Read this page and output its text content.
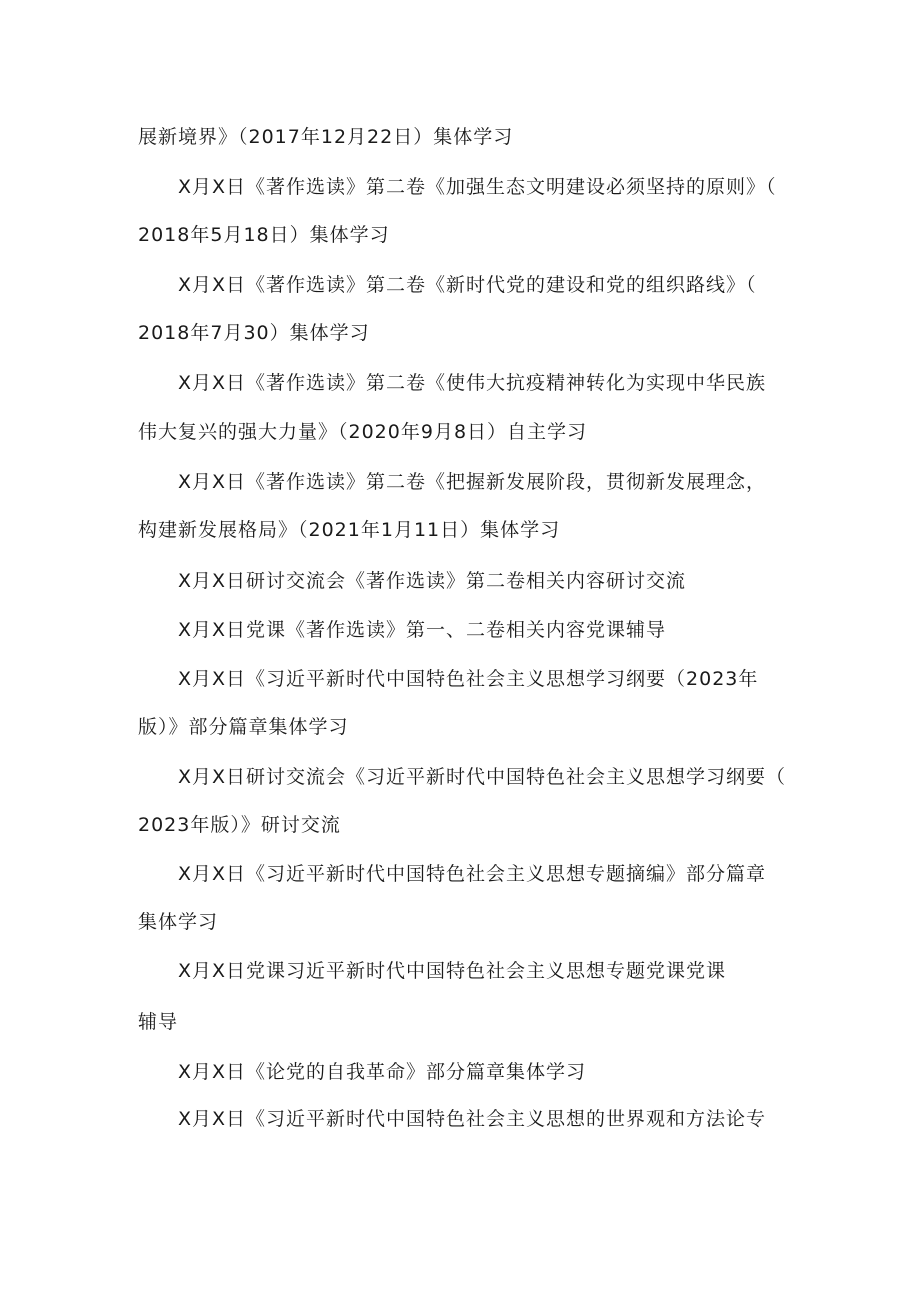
展新境界》（2017年12月22日）集体学习
X月X日《著作选读》第二卷《加强生态文明建设必须坚持的原则》（
2018年5月18日）集体学习
X月X日《著作选读》第二卷《新时代党的建设和党的组织路线》（
2018年7月30）集体学习
X月X日《著作选读》第二卷《使伟大抗疫精神转化为实现中华民族
伟大复兴的强大力量》（2020年9月8日）自主学习
X月X日《著作选读》第二卷《把握新发展阶段，贯彻新发展理念，
构建新发展格局》（2021年1月11日）集体学习
X月X日研讨交流会《著作选读》第二卷相关内容研讨交流
X月X日党课《著作选读》第一、二卷相关内容党课辅导
X月X日《习近平新时代中国特色社会主义思想学习纲要（2023年
版）》部分篇章集体学习
X月X日研讨交流会《习近平新时代中国特色社会主义思想学习纲要（
2023年版）》研讨交流
X月X日《习近平新时代中国特色社会主义思想专题摘编》部分篇章
集体学习
X月X日党课习近平新时代中国特色社会主义思想专题党课党课
辅导
X月X日《论党的自我革命》部分篇章集体学习
X月X日《习近平新时代中国特色社会主义思想的世界观和方法论专
